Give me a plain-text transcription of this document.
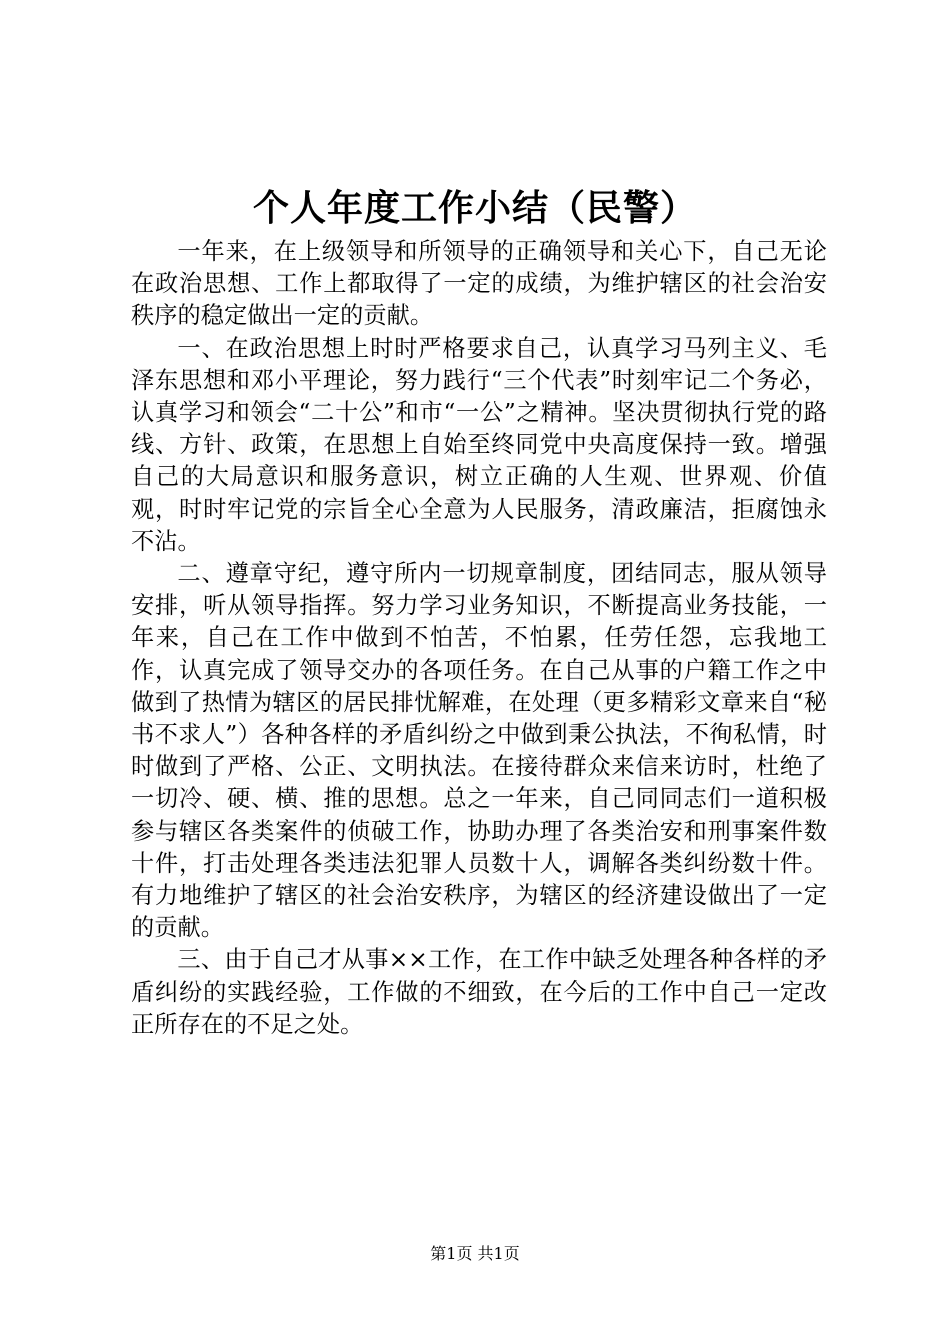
个人年度工作小结（民警）

一年来，在上级领导和所领导的正确领导和关心下，自己无论在政治思想、工作上都取得了一定的成绩，为维护辖区的社会治安秩序的稳定做出一定的贡献。

一、在政治思想上时时严格要求自己，认真学习马列主义、毛泽东思想和邓小平理论，努力践行“三个代表”时刻牢记二个务必，认真学习和领会“二十公”和市“一公”之精神。坚决贯彻执行党的路线、方针、政策，在思想上自始至终同党中央高度保持一致。增强自己的大局意识和服务意识，树立正确的人生观、世界观、价值观，时时牢记党的宗旨全心全意为人民服务，清政廉洁，拒腐蚀永不沾。

二、遵章守纪，遵守所内一切规章制度，团结同志，服从领导安排，听从领导指挥。努力学习业务知识，不断提高业务技能，一年来，自己在工作中做到不怕苦，不怕累，任劳任怨，忘我地工作，认真完成了领导交办的各项任务。在自己从事的户籍工作之中做到了热情为辖区的居民排忧解难，在处理（更多精彩文章来自“秘书不求人”）各种各样的矛盾纠纷之中做到秉公执法，不徇私情，时时做到了严格、公正、文明执法。在接待群众来信来访时，杜绝了一切冷、硬、横、推的思想。总之一年来，自己同同志们一道积极参与辖区各类案件的侦破工作，协助办理了各类治安和刑事案件数十件，打击处理各类违法犯罪人员数十人，调解各类纠纷数十件。有力地维护了辖区的社会治安秩序，为辖区的经济建设做出了一定的贡献。

三、由于自己才从事××工作，在工作中缺乏处理各种各样的矛盾纠纷的实践经验，工作做的不细致，在今后的工作中自己一定改正所存在的不足之处。

第1页 共1页
